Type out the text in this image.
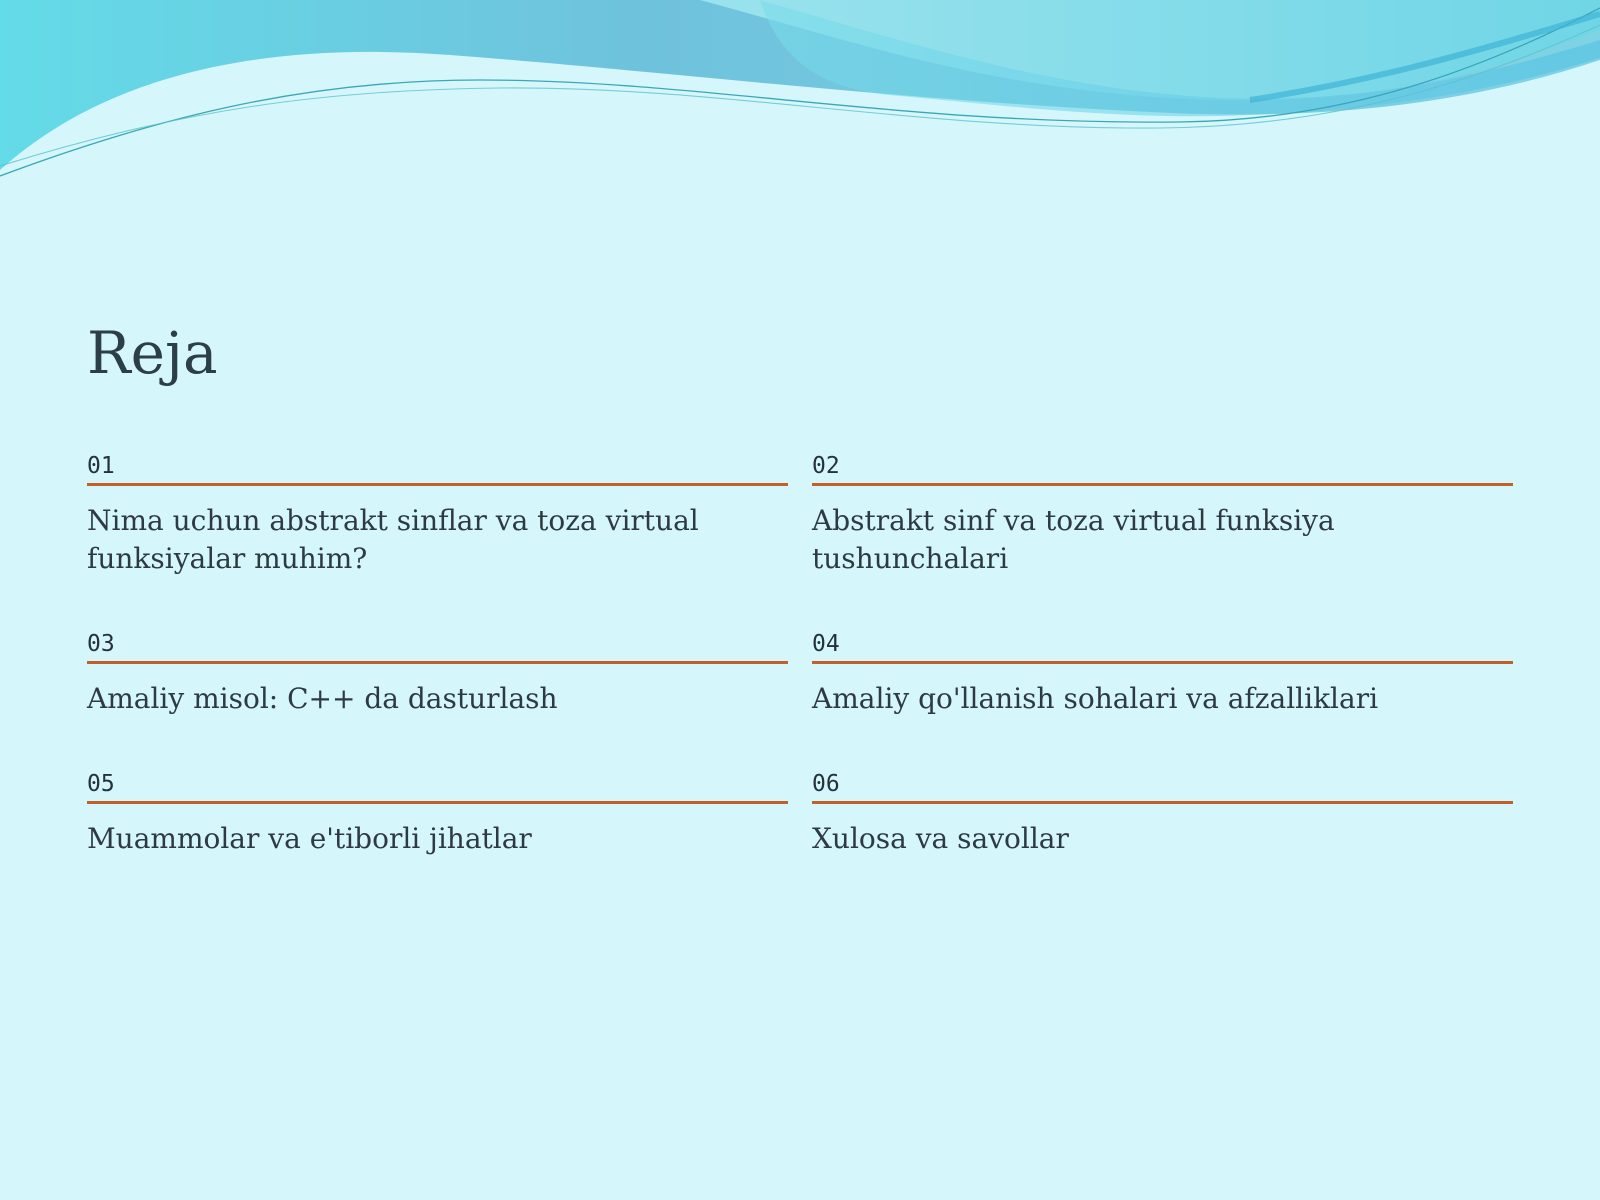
Reja
01
Nima uchun abstrakt sinflar va toza virtual funksiyalar muhim?
02
Abstrakt sinf va toza virtual funksiya tushunchalari
03
Amaliy misol: C++ da dasturlash
04
Amaliy qo'llanish sohalari va afzalliklari
05
Muammolar va e'tiborli jihatlar
06
Xulosa va savollar
